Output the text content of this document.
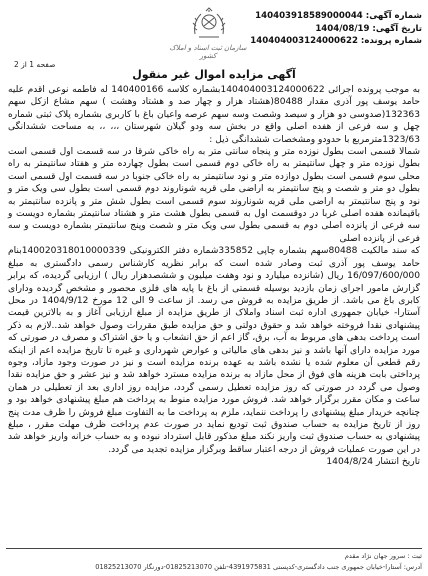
شماره آگهی: 140403918589000044
تاریخ آگهی: 1404/08/19
شماره پرونده: 140404003124000622
سازمان ثبت اسناد و املاک کشور
صفحه 1 از 2
آگهی مزایده اموال غیر منقول

به موجب پرونده اجرائی 140404003124000622بشماره کلاسه 140400166 له فاطمه نوعی اقدم علیه حامد یوسف پور آذری مقدار 80488(هشتاد هزار و چهار صد و هشتاد وهشت ) سهم مشاع ازکل سهم 132363(صدوسی دو هزار و سیصد وشصت وسه سهم عرصه واعیان باغ با کاربری بشماره پلاک ثبتی شماره چهل و سه فرعی از هفده اصلی واقع در بخش سه ودو گیلان شهرستان ،،، ،، به مساحت ششدانگی 1323/63مترمربع با حدودو ومشخصات ششدانگی ذیل :

شمالا قسمی است بطول نوزده متر و پنجاه سانتی متر به راه خاکی شرقا در سه قسمت اول قسمی است بطول نوزده متر و چهل سانتیمتر به راه خاکی دوم قسمی است بطول چهارده متر و هفتاد سانتیمتر به راه محلی سوم قسمی است بطول دوازده متر و نود سانتیمتر به راه خاکی جنوبا در سه قسمت اول قسمی است بطول دو متر و شصت و پنج سانتیمتر به اراضی ملی قریه شوناروند دوم قسمی است بطول سی ویک متر و نود و پنج سانتیمتر به اراضی ملی قریه شوناروند سوم قسمی است بطول شش متر و پانزده سانتیمتر به باقیمانده هفده اصلی غربا در دوقسمت اول به قسمی بطول هشت متر و هشتاد سانتیمتر بشماره دویست و سه فرعی از پانزده اصلی دوم به قسمی بطول سی ویک متر و شصت وپنج سانتیمتر بشماره دویست و سه فرعی از پانزده اصلی

که سند مالکیت 80488سهم بشماره چاپی 335852شماره دفتر الکترونیکی 140020318010000339بنام حامد یوسف پور آذری ثبت وصادر شده است که برابر نظریه کارشناس رسمی دادگستری به مبلغ 16/097/600/000 ریال (شانزده میلیارد و نود وهفت میلیون و ششصدهزار ریال ) ارزیابی گردیده، که برابر گزارش مامور اجرای زمان بازدید بوسیله قسمتی از باغ با پایه های فلزی محصور و مشخص گردیده ودارای کابری باغ می باشد. از طریق مزایده به فروش می رسد. از ساعت 9 الی 12 مورخ 1404/9/12 در محل آستارا- خیابان جمهوری اداره ثبت اسناد واملاک از طریق مزایده از مبلغ ارزیابی آغاز و به بالاترین قیمت پیشنهادی نقدا فروخته خواهد شد و حقوق دولتی و حق مزایده طبق مقررات وصول خواهد شد..لازم به ذکر است پرداخت بدهی های مربوط به آب، برق، گاز اعم از حق انشعاب و یا حق اشتراک و مصرف در صورتی که مورد مزایده دارای آنها باشد و نیز بدهی های مالیاتی و عوارض شهرداری و غیره تا تاریخ مزایده اعم از اینکه رقم قطعی آن معلوم شده یا نشده باشد به عهده برنده مزایده است و نیز در صورت وجود مازاد، وجوه پرداختی بابت هزینه های فوق از محل مازاد به برنده مزایده مسترد خواهد شد و نیز عشر و حق مزایده نقدا وصول می گردد در صورتی که روز مزایده تعطیل رسمی گردد، مزایده روز اداری بعد از تعطیلی در همان ساعت و مکان مقرر برگزار خواهد شد. فروش مورد مزایده منوط به پرداخت هم مبلغ پیشنهادی خواهد بود و چنانچه خریدار مبلغ پیشنهادی را پرداخت ننماید، ملزم به پرداخت ما به التفاوت مبلغ فروش را ظرف مدت پنج روز از تاریخ مزایده به حساب صندوق ثبت تودیع نماید در صورت عدم پرداخت ظرف مهلت مقرر ، مبلغ پیشنهادی به حساب صندوق ثبت واریز نکند مبلغ مذکور قابل استرداد نبوده و به حساب خزانه واریز خواهد شد در این صورت عملیات فروش از درجه اعتبار ساقط وبرگزار مزایده تجدید می گردد.

تاریخ انتشار 1404/8/24

ثبت : سرور جهان نژاد مقدم
آدرس: آستارا-خیابان جمهوری جنب دادگستری-کدپستی 4391975831-تلفن 01825213070-دورنگار 01825213070
